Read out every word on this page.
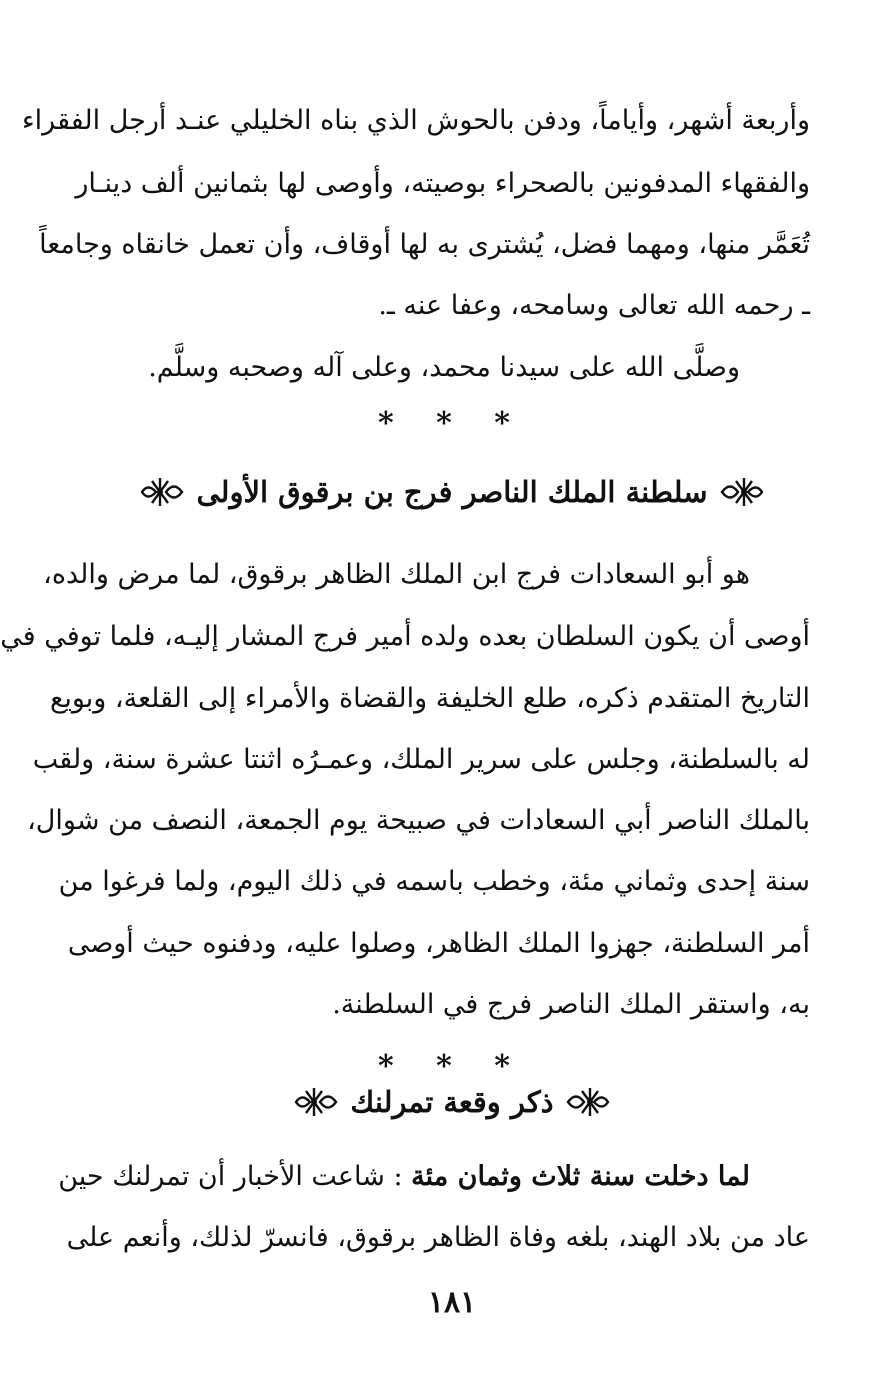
وأربعة أشهر، وأياماً، ودفن بالحوش الذي بناه الخليلي عنـد أرجل الفقراء
والفقهاء المدفونين بالصحراء بوصيته، وأوصى لها بثمانين ألف دينـار
تُعَمَّر منها، ومهما فضل، يُشترى به لها أوقاف، وأن تعمل خانقاه وجامعاً
ـ رحمه الله تعالى وسامحه، وعفا عنه ـ.
وصلَّى الله على سيدنا محمد، وعلى آله وصحبه وسلَّم.
* * *
سلطنة الملك الناصر فرج بن برقوق الأولى
هو أبو السعادات فرج ابن الملك الظاهر برقوق، لما مرض والده،
أوصى أن يكون السلطان بعده ولده أمير فرج المشار إليـه، فلما توفي في
التاريخ المتقدم ذكره، طلع الخليفة والقضاة والأمراء إلى القلعة، وبويع
له بالسلطنة، وجلس على سرير الملك، وعمـرُه اثنتا عشرة سنة، ولقب
بالملك الناصر أبي السعادات في صبيحة يوم الجمعة، النصف من شوال،
سنة إحدى وثماني مئة، وخطب باسمه في ذلك اليوم، ولما فرغوا من
أمر السلطنة، جهزوا الملك الظاهر، وصلوا عليه، ودفنوه حيث أوصى
به، واستقر الملك الناصر فرج في السلطنة.
* * *
ذكر وقعة تمرلنك
لما دخلت سنة ثلاث وثمان مئة : شاعت الأخبار أن تمرلنك حين
عاد من بلاد الهند، بلغه وفاة الظاهر برقوق، فانسرّ لذلك، وأنعم على
١٨١
